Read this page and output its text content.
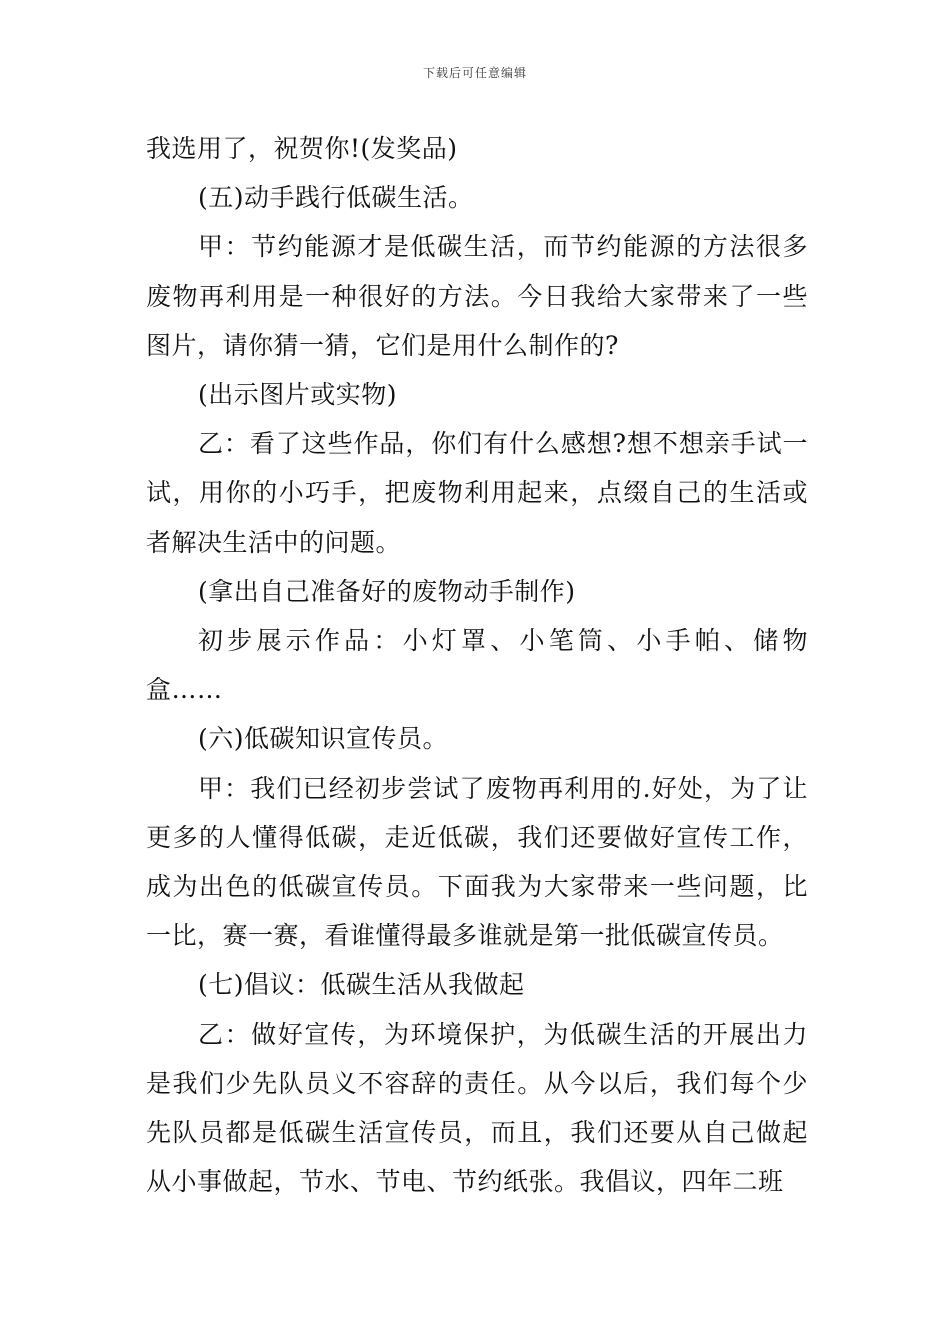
下载后可任意编辑

我选用了，祝贺你!(发奖品)

(五)动手践行低碳生活。

甲：节约能源才是低碳生活，而节约能源的方法很多废物再利用是一种很好的方法。今日我给大家带来了一些图片，请你猜一猜，它们是用什么制作的?

(出示图片或实物)

乙：看了这些作品，你们有什么感想?想不想亲手试一试，用你的小巧手，把废物利用起来，点缀自己的生活或者解决生活中的问题。

(拿出自己准备好的废物动手制作)

初步展示作品：小灯罩、小笔筒、小手帕、储物盒……

(六)低碳知识宣传员。

甲：我们已经初步尝试了废物再利用的.好处，为了让更多的人懂得低碳，走近低碳，我们还要做好宣传工作，成为出色的低碳宣传员。下面我为大家带来一些问题，比一比，赛一赛，看谁懂得最多谁就是第一批低碳宣传员。

(七)倡议：低碳生活从我做起

乙：做好宣传，为环境保护，为低碳生活的开展出力是我们少先队员义不容辞的责任。从今以后，我们每个少先队员都是低碳生活宣传员，而且，我们还要从自己做起从小事做起，节水、节电、节约纸张。我倡议，四年二班
